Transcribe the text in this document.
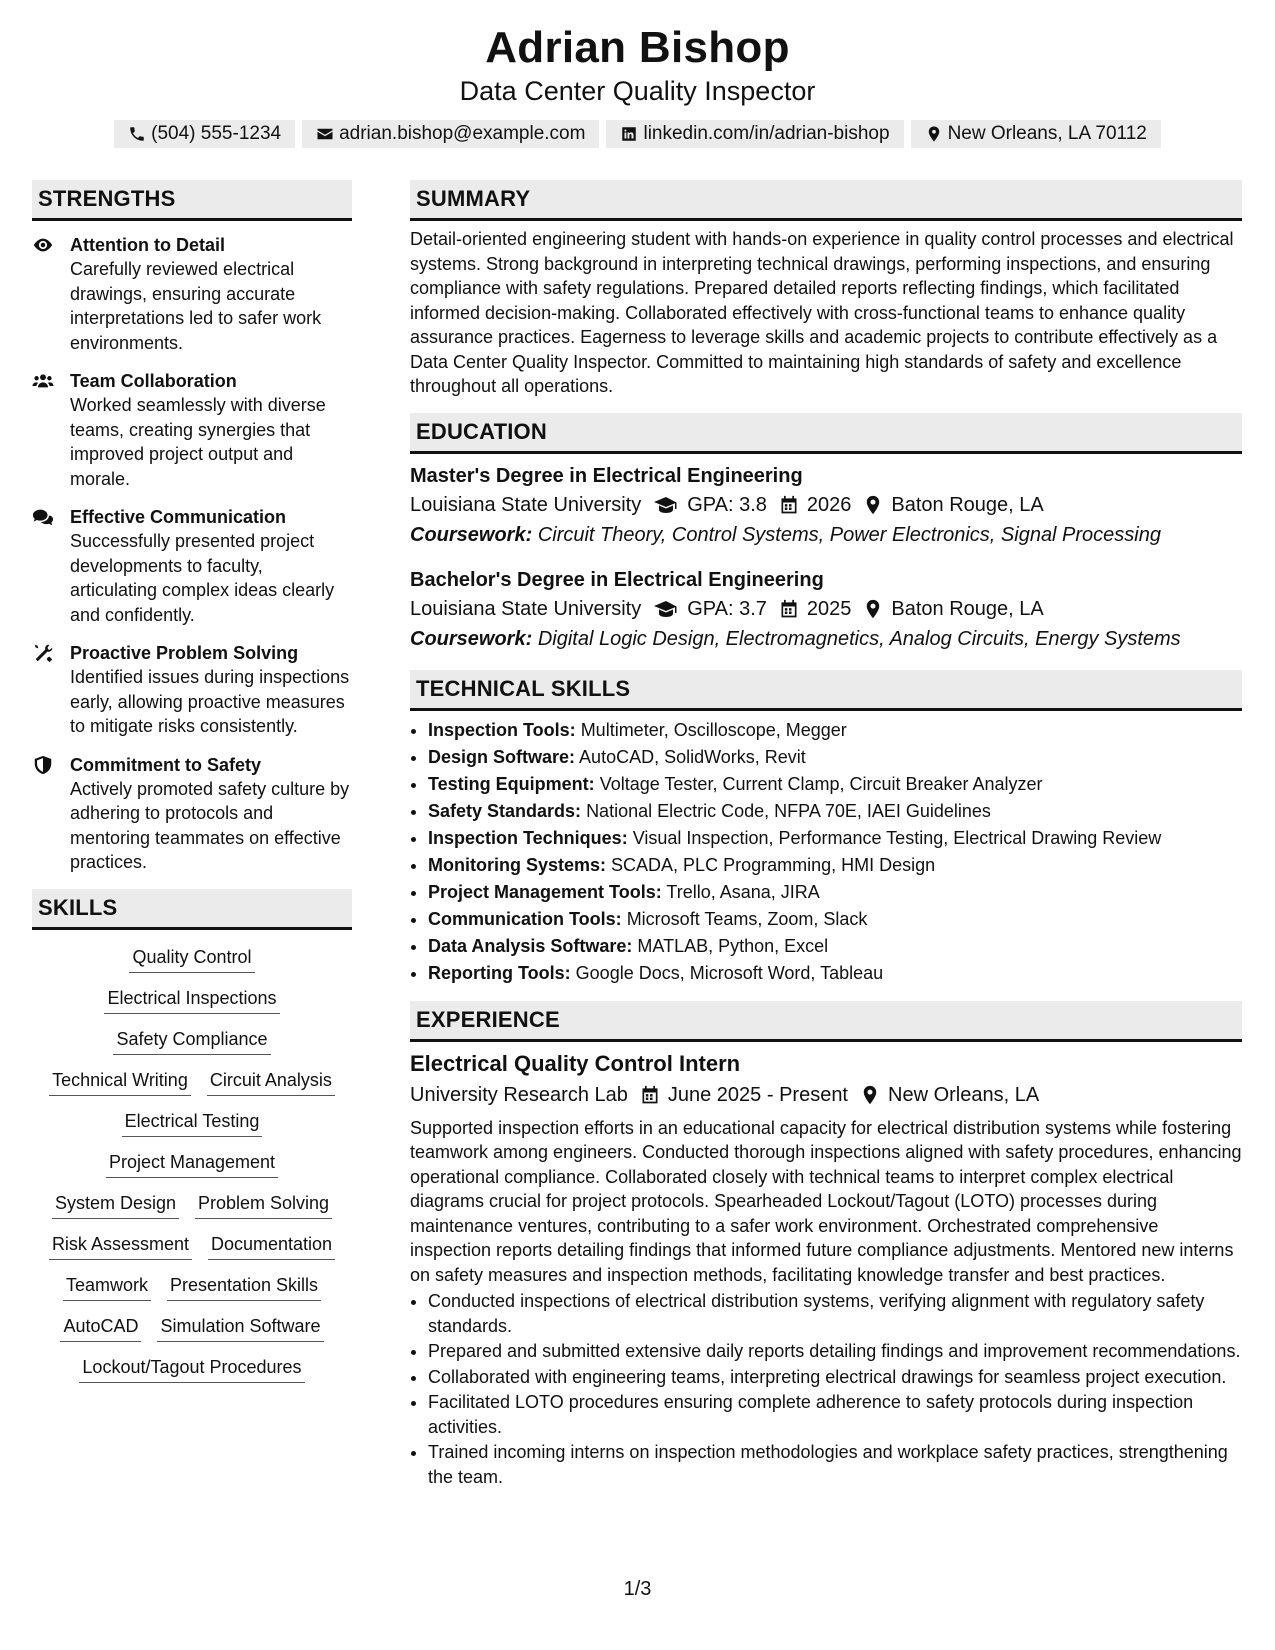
Adrian Bishop
Data Center Quality Inspector
(504) 555-1234	adrian.bishop@example.com	linkedin.com/in/adrian-bishop	New Orleans, LA 70112
STRENGTHS
Attention to Detail
Carefully reviewed electrical drawings, ensuring accurate interpretations led to safer work environments.
Team Collaboration
Worked seamlessly with diverse teams, creating synergies that improved project output and morale.
Effective Communication
Successfully presented project developments to faculty, articulating complex ideas clearly and confidently.
Proactive Problem Solving
Identified issues during inspections early, allowing proactive measures to mitigate risks consistently.
Commitment to Safety
Actively promoted safety culture by adhering to protocols and mentoring teammates on effective practices.
SKILLS
Quality Control
Electrical Inspections
Safety Compliance
Technical Writing Circuit Analysis
Electrical Testing
Project Management
System Design Problem Solving
Risk Assessment Documentation
Teamwork Presentation Skills
AutoCAD Simulation Software
Lockout/Tagout Procedures
SUMMARY
Detail-oriented engineering student with hands-on experience in quality control processes and electrical systems. Strong background in interpreting technical drawings, performing inspections, and ensuring compliance with safety regulations. Prepared detailed reports reflecting findings, which facilitated informed decision-making. Collaborated effectively with cross-functional teams to enhance quality assurance practices. Eagerness to leverage skills and academic projects to contribute effectively as a Data Center Quality Inspector. Committed to maintaining high standards of safety and excellence throughout all operations.
EDUCATION
Master's Degree in Electrical Engineering
Louisiana State University GPA: 3.8 2026 Baton Rouge, LA
Coursework: Circuit Theory, Control Systems, Power Electronics, Signal Processing
Bachelor's Degree in Electrical Engineering
Louisiana State University GPA: 3.7 2025 Baton Rouge, LA
Coursework: Digital Logic Design, Electromagnetics, Analog Circuits, Energy Systems
TECHNICAL SKILLS
• Inspection Tools: Multimeter, Oscilloscope, Megger
• Design Software: AutoCAD, SolidWorks, Revit
• Testing Equipment: Voltage Tester, Current Clamp, Circuit Breaker Analyzer
• Safety Standards: National Electric Code, NFPA 70E, IAEI Guidelines
• Inspection Techniques: Visual Inspection, Performance Testing, Electrical Drawing Review
• Monitoring Systems: SCADA, PLC Programming, HMI Design
• Project Management Tools: Trello, Asana, JIRA
• Communication Tools: Microsoft Teams, Zoom, Slack
• Data Analysis Software: MATLAB, Python, Excel
• Reporting Tools: Google Docs, Microsoft Word, Tableau
EXPERIENCE
Electrical Quality Control Intern
University Research Lab June 2025 - Present New Orleans, LA
Supported inspection efforts in an educational capacity for electrical distribution systems while fostering teamwork among engineers. Conducted thorough inspections aligned with safety procedures, enhancing operational compliance. Collaborated closely with technical teams to interpret complex electrical diagrams crucial for project protocols. Spearheaded Lockout/Tagout (LOTO) processes during maintenance ventures, contributing to a safer work environment. Orchestrated comprehensive inspection reports detailing findings that informed future compliance adjustments. Mentored new interns on safety measures and inspection methods, facilitating knowledge transfer and best practices.
• Conducted inspections of electrical distribution systems, verifying alignment with regulatory safety standards.
• Prepared and submitted extensive daily reports detailing findings and improvement recommendations.
• Collaborated with engineering teams, interpreting electrical drawings for seamless project execution.
• Facilitated LOTO procedures ensuring complete adherence to safety protocols during inspection activities.
• Trained incoming interns on inspection methodologies and workplace safety practices, strengthening the team.
1/3
